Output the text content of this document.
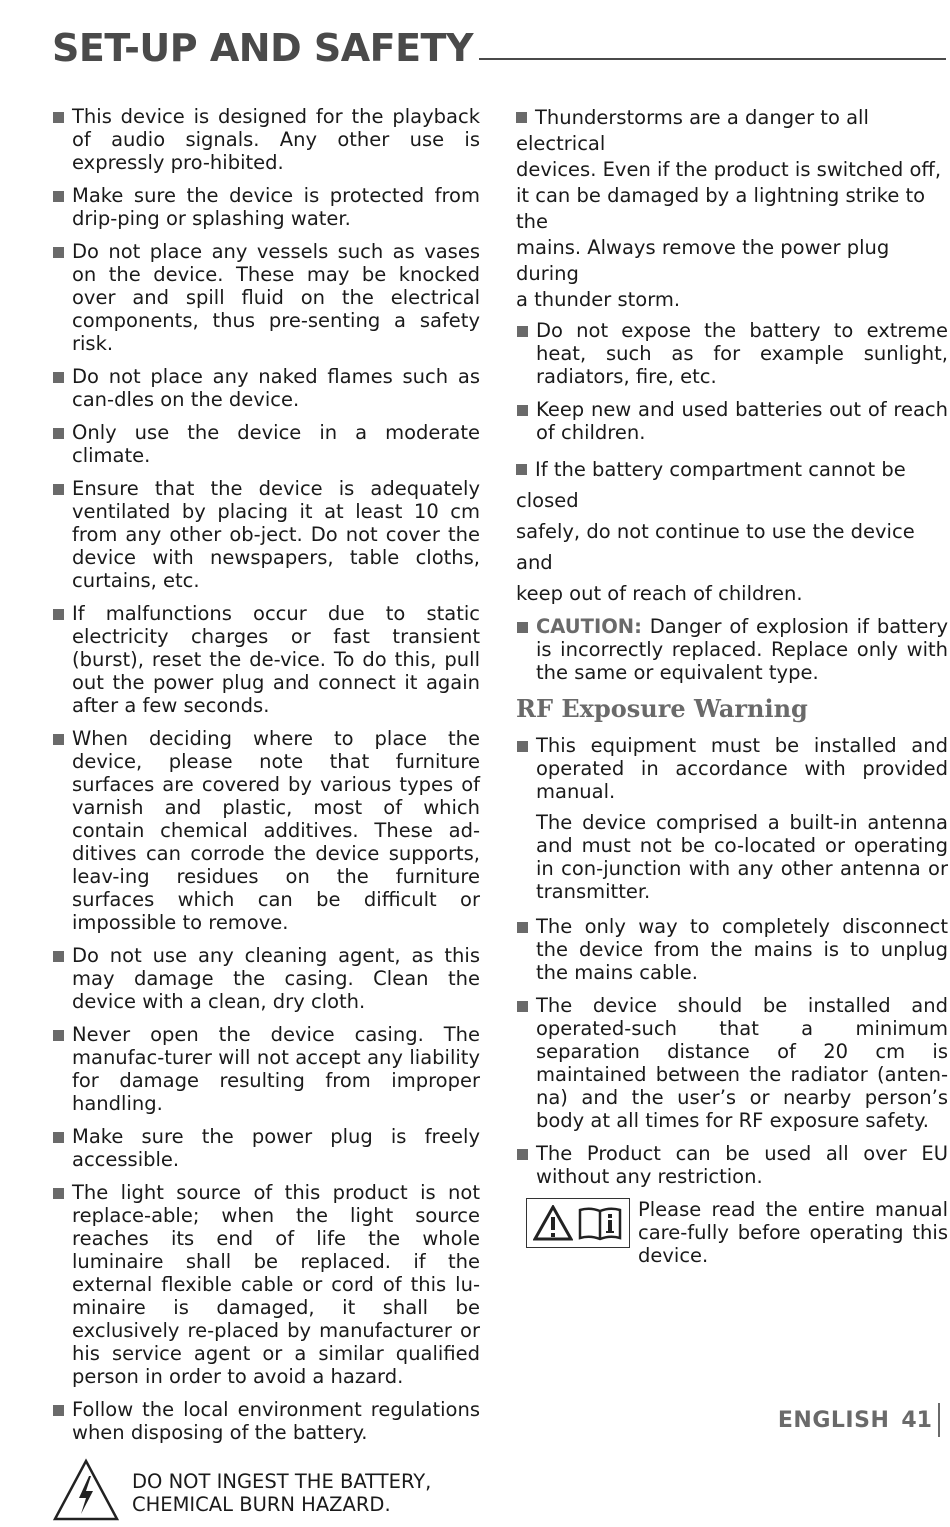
SET-UP AND SAFETY
This device is designed for the playback of audio signals. Any other use is expressly pro-hibited.
Make sure the device is protected from drip-ping or splashing water.
Do not place any vessels such as vases on the device. These may be knocked over and spill fluid on the electrical components, thus pre-senting a safety risk.
Do not place any naked flames such as can-dles on the device.
Only use the device in a moderate climate.
Ensure that the device is adequately ventilated by placing it at least 10 cm from any other ob-ject. Do not cover the device with newspapers, table cloths, curtains, etc.
If malfunctions occur due to static electricity charges or fast transient (burst), reset the de-vice. To do this, pull out the power plug and connect it again after a few seconds.
When deciding where to place the device, please note that furniture surfaces are covered by various types of varnish and plastic, most of which contain chemical additives. These ad-ditives can corrode the device supports, leav-ing residues on the furniture surfaces which can be difficult or impossible to remove.
Do not use any cleaning agent, as this may damage the casing. Clean the device with a clean, dry cloth.
Never open the device casing. The manufac-turer will not accept any liability for damage resulting from improper handling.
Make sure the power plug is freely accessible.
The light source of this product is not replace-able; when the light source reaches its end of life the whole luminaire shall be replaced. if the external flexible cable or cord of this lu-minaire is damaged, it shall be exclusively re-placed by manufacturer or his service agent or a similar qualified person in order to avoid a hazard.
Follow the local environment regulations when disposing of the battery.
DO NOT INGEST THE BATTERY,
CHEMICAL BURN HAZARD.
Thunderstorms are a danger to all electrical
devices. Even if the product is switched off,
it can be damaged by a lightning strike to the
mains. Always remove the power plug during
a thunder storm.
Do not expose the battery to extreme heat, such as for example sunlight, radiators, fire, etc.
Keep new and used batteries out of reach of children.
If the battery compartment cannot be closed
safely, do not continue to use the device and
keep out of reach of children.
CAUTION: Danger of explosion if battery is incorrectly replaced. Replace only with the same or equivalent type.
RF Exposure Warning
This equipment must be installed and operated in accordance with provided manual.
The device comprised a built-in antenna and must not be co-located or operating in con-junction with any other antenna or transmitter.
The only way to completely disconnect the device from the mains is to unplug the mains cable.
The device should be installed and operated-such that a minimum separation distance of 20 cm is maintained between the radiator (anten-na) and the user’s or nearby person’s body at all times for RF exposure safety.
The Product can be used all over EU without any restriction.
Please read the entire manual care-fully before operating this device.
ENGLISH 41
